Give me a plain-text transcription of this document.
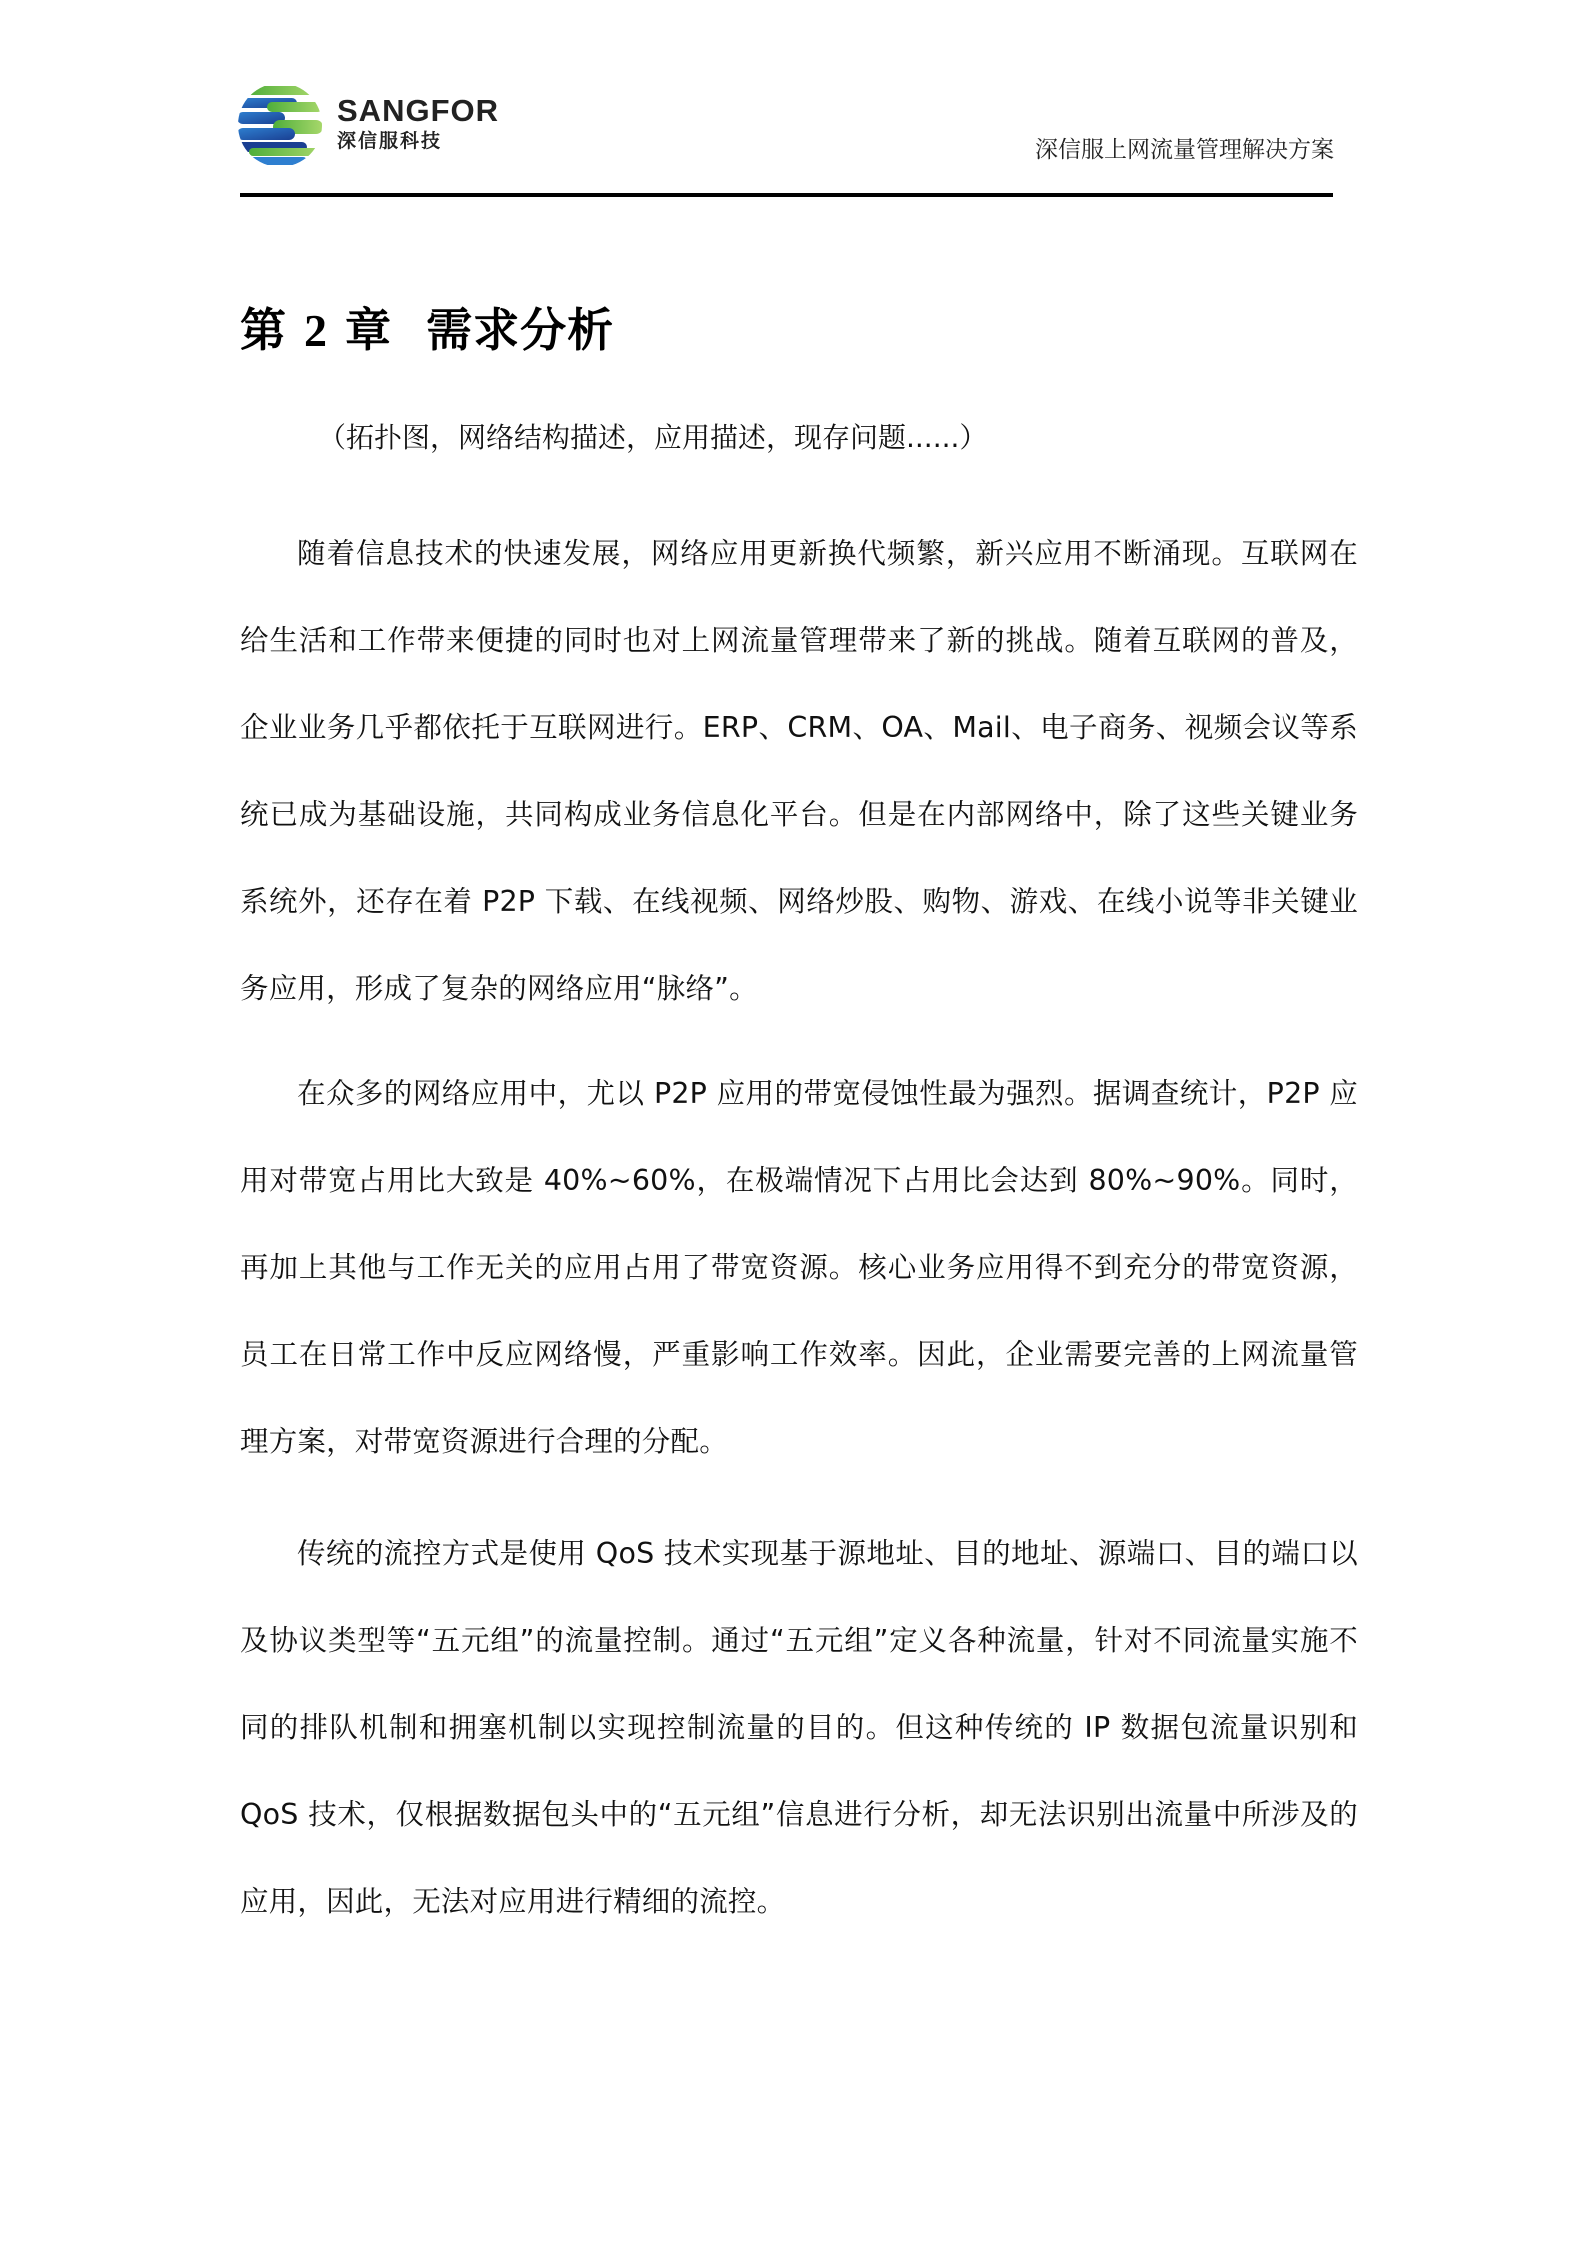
SANGFOR
深信服科技	深信服上网流量管理解决方案
第 2 章 需求分析
（拓扑图，网络结构描述，应用描述，现存问题......）

随着信息技术的快速发展，网络应用更新换代频繁，新兴应用不断涌现。互联网在给生活和工作带来便捷的同时也对上网流量管理带来了新的挑战。随着互联网的普及，企业业务几乎都依托于互联网进行。ERP、CRM、OA、Mail、电子商务、视频会议等系统已成为基础设施，共同构成业务信息化平台。但是在内部网络中，除了这些关键业务系统外，还存在着 P2P 下载、在线视频、网络炒股、购物、游戏、在线小说等非关键业务应用，形成了复杂的网络应用“脉络”。

在众多的网络应用中，尤以 P2P 应用的带宽侵蚀性最为强烈。据调查统计，P2P 应用对带宽占用比大致是 40%~60%，在极端情况下占用比会达到 80%~90%。同时，再加上其他与工作无关的应用占用了带宽资源。核心业务应用得不到充分的带宽资源，员工在日常工作中反应网络慢，严重影响工作效率。因此，企业需要完善的上网流量管理方案，对带宽资源进行合理的分配。

传统的流控方式是使用 QoS 技术实现基于源地址、目的地址、源端口、目的端口以及协议类型等“五元组”的流量控制。通过“五元组”定义各种流量，针对不同流量实施不同的排队机制和拥塞机制以实现控制流量的目的。但这种传统的 IP 数据包流量识别和 QoS 技术，仅根据数据包头中的“五元组”信息进行分析，却无法识别出流量中所涉及的应用，因此，无法对应用进行精细的流控。
